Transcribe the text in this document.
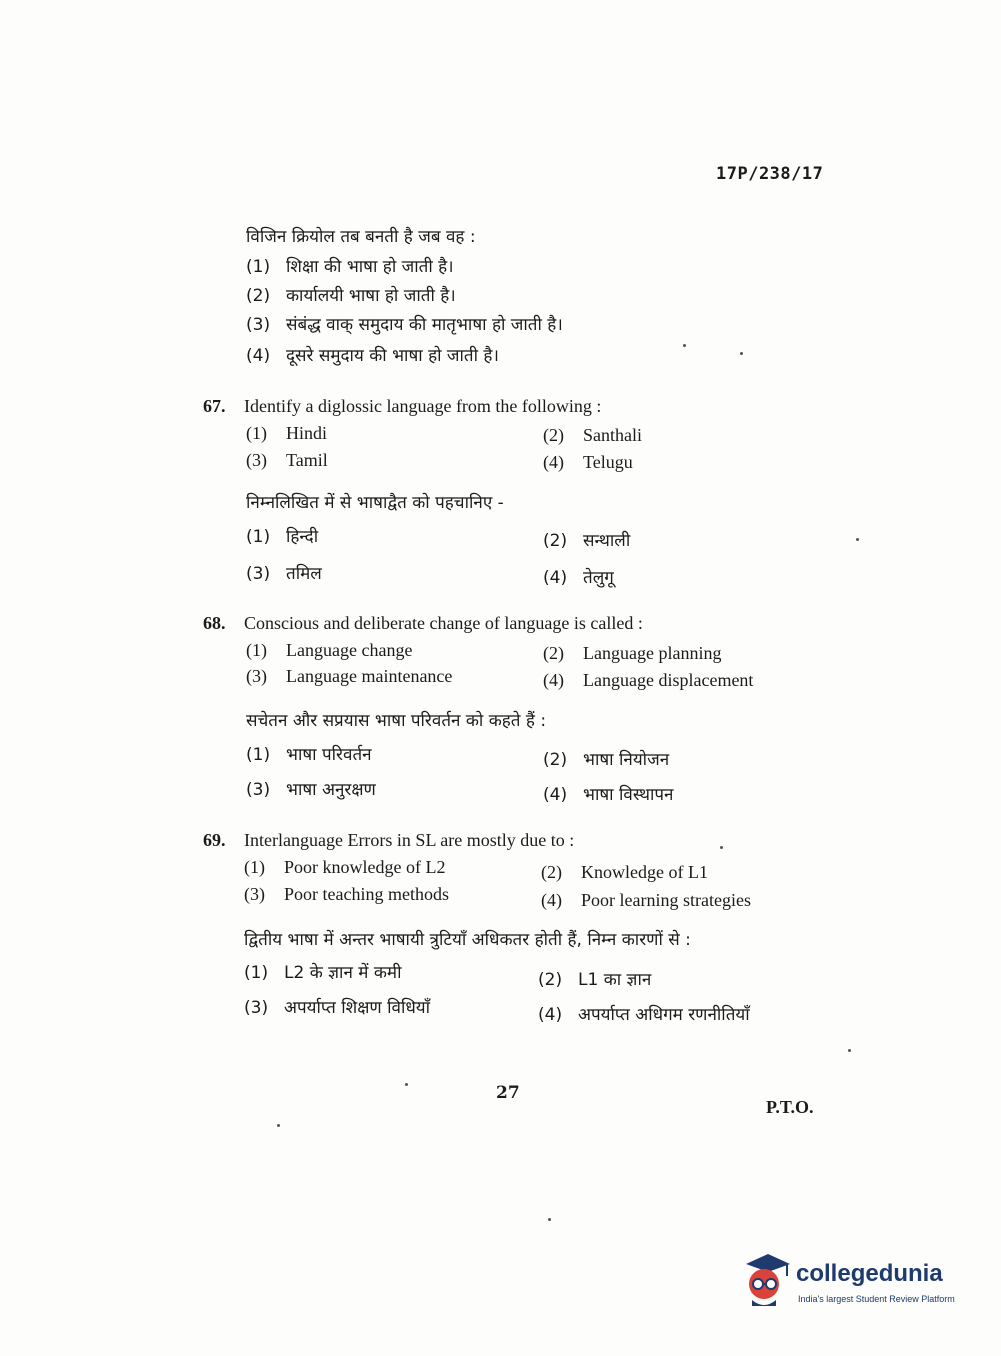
17P/238/17
विजिन क्रियोल तब बनती है जब वह :
(1) शिक्षा की भाषा हो जाती है।
(2) कार्यालयी भाषा हो जाती है।
(3) संबंद्ध वाक् समुदाय की मातृभाषा हो जाती है।
(4) दूसरे समुदाय की भाषा हो जाती है।
67. Identify a diglossic language from the following :
(1) Hindi	(2) Santhali
(3) Tamil	(4) Telugu
निम्नलिखित में से भाषाद्वैत को पहचानिए -
(1) हिन्दी	(2) सन्थाली
(3) तमिल	(4) तेलुगू
68. Conscious and deliberate change of language is called :
(1) Language change	(2) Language planning
(3) Language maintenance	(4) Language displacement
सचेतन और सप्रयास भाषा परिवर्तन को कहते हैं :
(1) भाषा परिवर्तन	(2) भाषा नियोजन
(3) भाषा अनुरक्षण	(4) भाषा विस्थापन
69. Interlanguage Errors in SL are mostly due to :
(1) Poor knowledge of L2	(2) Knowledge of L1
(3) Poor teaching methods	(4) Poor learning strategies
द्वितीय भाषा में अन्तर भाषायी त्रुटियाँ अधिकतर होती हैं, निम्न कारणों से :
(1) L2 के ज्ञान में कमी	(2) L1 का ज्ञान
(3) अपर्याप्त शिक्षण विधियाँ	(4) अपर्याप्त अधिगम रणनीतियाँ
27
P.T.O.
collegedunia
India's largest Student Review Platform
